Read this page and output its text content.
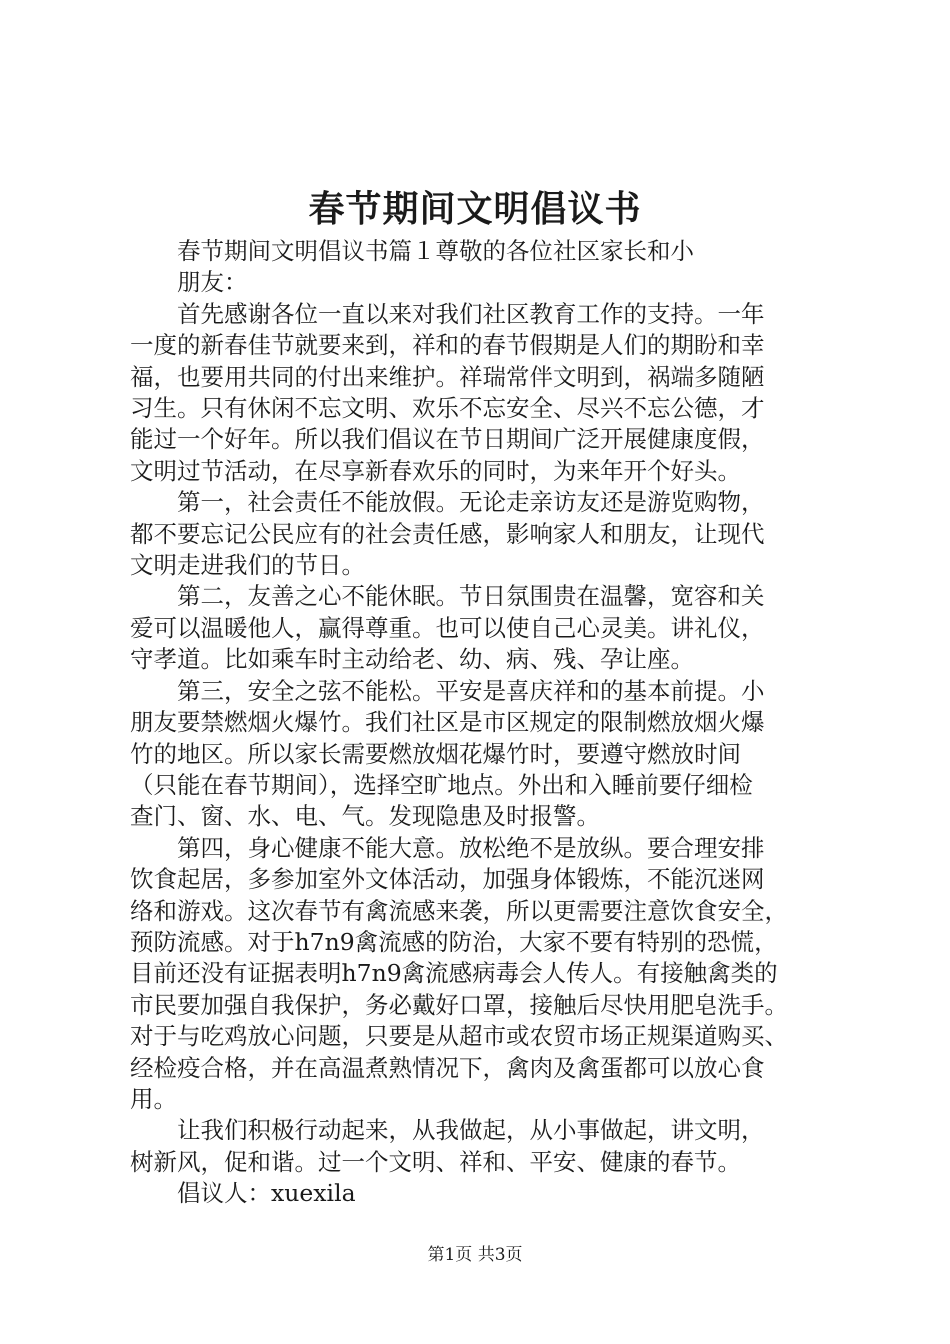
春节期间文明倡议书
春节期间文明倡议书篇１尊敬的各位社区家长和小
朋友：
首先感谢各位一直以来对我们社区教育工作的支持。一年
一度的新春佳节就要来到，祥和的春节假期是人们的期盼和幸
福，也要用共同的付出来维护。祥瑞常伴文明到，祸端多随陋
习生。只有休闲不忘文明、欢乐不忘安全、尽兴不忘公德，才
能过一个好年。所以我们倡议在节日期间广泛开展健康度假，
文明过节活动，在尽享新春欢乐的同时，为来年开个好头。
第一，社会责任不能放假。无论走亲访友还是游览购物，
都不要忘记公民应有的社会责任感，影响家人和朋友，让现代
文明走进我们的节日。
第二，友善之心不能休眠。节日氛围贵在温馨，宽容和关
爱可以温暖他人，赢得尊重。也可以使自己心灵美。讲礼仪，
守孝道。比如乘车时主动给老、幼、病、残、孕让座。
第三，安全之弦不能松。平安是喜庆祥和的基本前提。小
朋友要禁燃烟火爆竹。我们社区是市区规定的限制燃放烟火爆
竹的地区。所以家长需要燃放烟花爆竹时，要遵守燃放时间
（只能在春节期间），选择空旷地点。外出和入睡前要仔细检
查门、窗、水、电、气。发现隐患及时报警。
第四，身心健康不能大意。放松绝不是放纵。要合理安排
饮食起居，多参加室外文体活动，加强身体锻炼，不能沉迷网
络和游戏。这次春节有禽流感来袭，所以更需要注意饮食安全，
预防流感。对于h7n9禽流感的防治，大家不要有特别的恐慌，
目前还没有证据表明h7n9禽流感病毒会人传人。有接触禽类的
市民要加强自我保护，务必戴好口罩，接触后尽快用肥皂洗手。
对于与吃鸡放心问题，只要是从超市或农贸市场正规渠道购买、
经检疫合格，并在高温煮熟情况下，禽肉及禽蛋都可以放心食
用。
让我们积极行动起来，从我做起，从小事做起，讲文明，
树新风，促和谐。过一个文明、祥和、平安、健康的春节。
倡议人：xuexila
第1页 共3页
